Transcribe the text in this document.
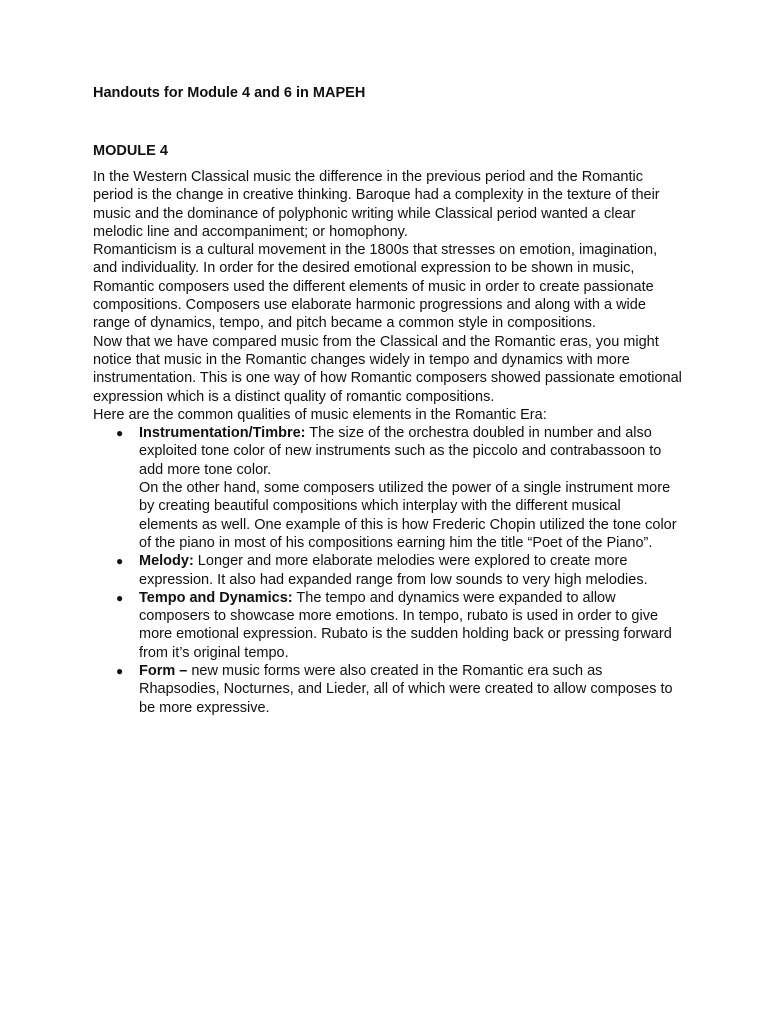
Handouts for Module 4 and 6 in MAPEH
MODULE 4

In the Western Classical music the difference in the previous period and the Romantic period is the change in creative thinking. Baroque had a complexity in the texture of their music and the dominance of polyphonic writing while Classical period wanted a clear melodic line and accompaniment; or homophony.

Romanticism is a cultural movement in the 1800s that stresses on emotion, imagination, and individuality. In order for the desired emotional expression to be shown in music, Romantic composers used the different elements of music in order to create passionate compositions. Composers use elaborate harmonic progressions and along with a wide range of dynamics, tempo, and pitch became a common style in compositions.

Now that we have compared music from the Classical and the Romantic eras, you might notice that music in the Romantic changes widely in tempo and dynamics with more instrumentation. This is one way of how Romantic composers showed passionate emotional expression which is a distinct quality of romantic compositions.

Here are the common qualities of music elements in the Romantic Era:

● Instrumentation/Timbre: The size of the orchestra doubled in number and also exploited tone color of new instruments such as the piccolo and contrabassoon to add more tone color.
On the other hand, some composers utilized the power of a single instrument more by creating beautiful compositions which interplay with the different musical elements as well. One example of this is how Frederic Chopin utilized the tone color of the piano in most of his compositions earning him the title “Poet of the Piano”.
● Melody: Longer and more elaborate melodies were explored to create more expression. It also had expanded range from low sounds to very high melodies.
● Tempo and Dynamics: The tempo and dynamics were expanded to allow composers to showcase more emotions. In tempo, rubato is used in order to give more emotional expression. Rubato is the sudden holding back or pressing forward from it’s original tempo.
● Form – new music forms were also created in the Romantic era such as Rhapsodies, Nocturnes, and Lieder, all of which were created to allow composes to be more expressive.
